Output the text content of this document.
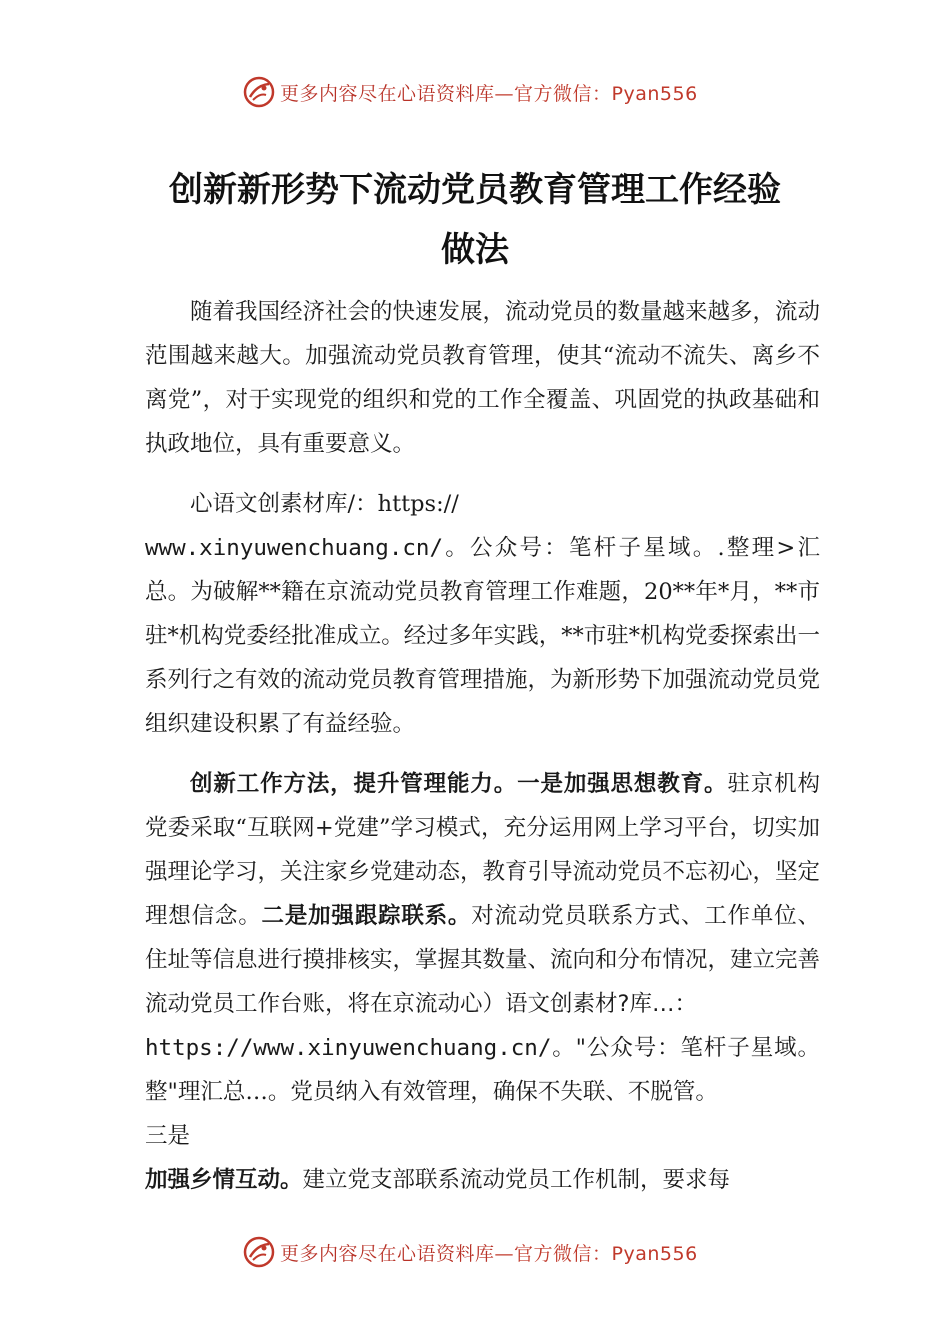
更多内容尽在心语资料库—官方微信：Pyan556
创新新形势下流动党员教育管理工作经验
做法

随着我国经济社会的快速发展，流动党员的数量越来越多，流动范围越来越大。加强流动党员教育管理，使其“流动不流失、离乡不离党”，对于实现党的组织和党的工作全覆盖、巩固党的执政基础和执政地位，具有重要意义。

心语文创素材库/：https://
www.xinyuwenchuang.cn/。公众号：笔杆子星域。.整理>汇总。为破解**籍在京流动党员教育管理工作难题，20**年*月，**市驻*机构党委经批准成立。经过多年实践，**市驻*机构党委探索出一系列行之有效的流动党员教育管理措施，为新形势下加强流动党员党组织建设积累了有益经验。

创新工作方法，提升管理能力。一是加强思想教育。驻京机构党委采取“互联网+党建”学习模式，充分运用网上学习平台，切实加强理论学习，关注家乡党建动态，教育引导流动党员不忘初心，坚定理想信念。二是加强跟踪联系。对流动党员联系方式、工作单位、住址等信息进行摸排核实，掌握其数量、流向和分布情况，建立完善流动党员工作台账，将在京流动心）语文创素材?库…：
https://www.xinyuwenchuang.cn/。"公众号：笔杆子星域。整"理汇总…。党员纳入有效管理，确保不失联、不脱管。
三是

加强乡情互动。建立党支部联系流动党员工作机制，要求每

更多内容尽在心语资料库—官方微信：Pyan556
